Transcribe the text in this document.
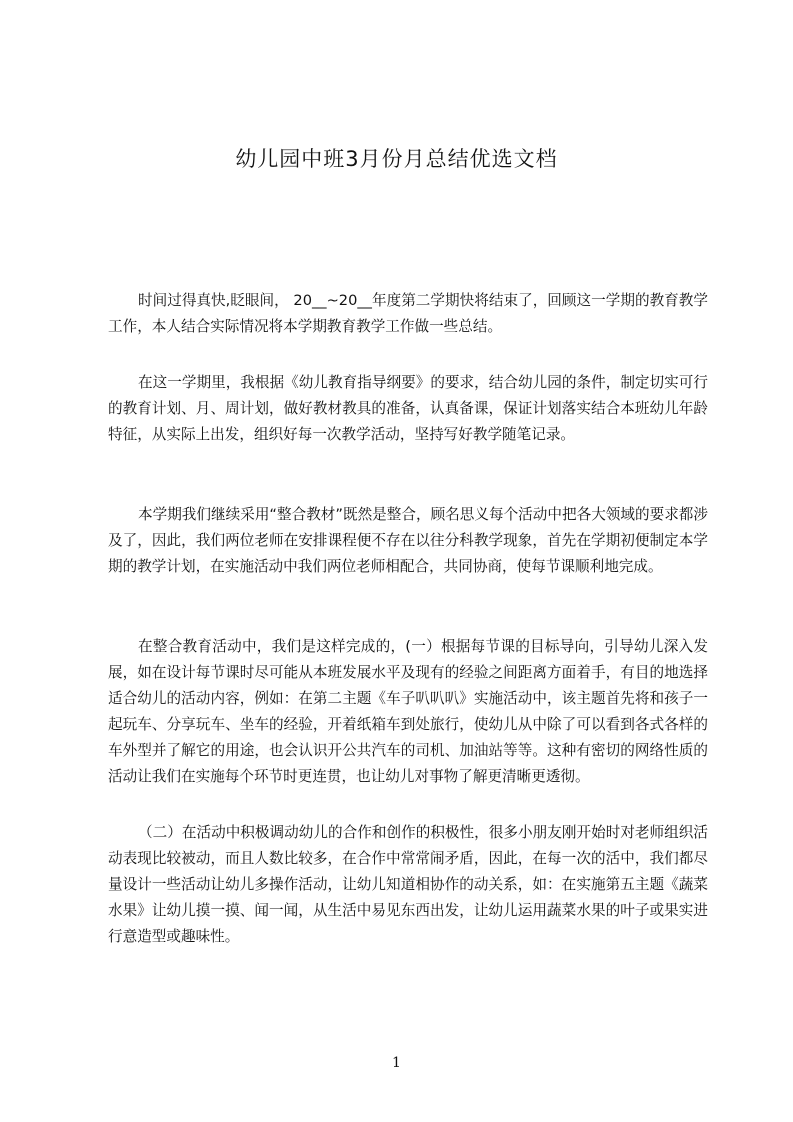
幼儿园中班3月份月总结优选文档

时间过得真快,眨眼间， 20__~20__年度第二学期快将结束了，回顾这一学期的教育教学工作，本人结合实际情况将本学期教育教学工作做一些总结。

在这一学期里，我根据《幼儿教育指导纲要》的要求，结合幼儿园的条件，制定切实可行的教育计划、月、周计划，做好教材教具的准备，认真备课，保证计划落实结合本班幼儿年龄特征，从实际上出发，组织好每一次教学活动，坚持写好教学随笔记录。

本学期我们继续采用“整合教材”既然是整合，顾名思义每个活动中把各大领域的要求都涉及了，因此，我们两位老师在安排课程便不存在以往分科教学现象，首先在学期初便制定本学期的教学计划，在实施活动中我们两位老师相配合，共同协商，使每节课顺利地完成。

在整合教育活动中，我们是这样完成的，(一）根据每节课的目标导向，引导幼儿深入发展，如在设计每节课时尽可能从本班发展水平及现有的经验之间距离方面着手，有目的地选择适合幼儿的活动内容，例如：在第二主题《车子叭叭叭》实施活动中，该主题首先将和孩子一起玩车、分享玩车、坐车的经验，开着纸箱车到处旅行，使幼儿从中除了可以看到各式各样的车外型并了解它的用途，也会认识开公共汽车的司机、加油站等等。这种有密切的网络性质的活动让我们在实施每个环节时更连贯，也让幼儿对事物了解更清晰更透彻。

（二）在活动中积极调动幼儿的合作和创作的积极性，很多小朋友刚开始时对老师组织活动表现比较被动，而且人数比较多，在合作中常常闹矛盾，因此，在每一次的活中，我们都尽量设计一些活动让幼儿多操作活动，让幼儿知道相协作的动关系，如：在实施第五主题《蔬菜水果》让幼儿摸一摸、闻一闻，从生活中易见东西出发，让幼儿运用蔬菜水果的叶子或果实进行意造型或趣味性。

1
